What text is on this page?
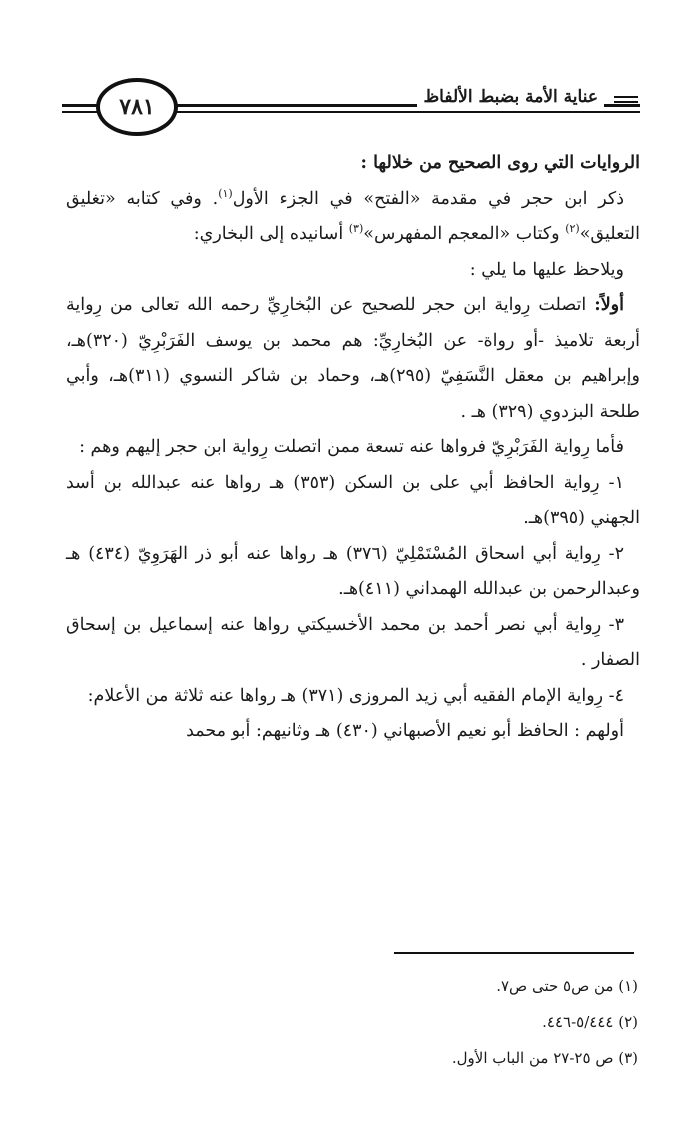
٧٨١	عناية الأمة بضبط الألفاظ

الروايات التي روى الصحيح من خلالها :

ذكر ابن حجر في مقدمة «الفتح» في الجزء الأول$^{(١)}$. وفي كتابه «تغليق التعليق»$^{(٢)}$ وكتاب «المعجم المفهرس»$^{(٣)}$ أسانيده إلى البخاري:

ويلاحظ عليها ما يلي :

أولاً: اتصلت رِواية ابن حجر للصحيح عن البُخارِيِّ رحمه الله تعالى من رِواية أربعة تلاميذ -أو رواة- عن البُخارِيِّ: هم محمد بن يوسف الفَرَبْرِيّ (٣٢٠)هـ، وإبراهيم بن معقل النَّسَفِيّ (٢٩٥)هـ، وحماد بن شاكر النسوي (٣١١)هـ، وأبي طلحة البزدوي (٣٢٩) هـ .

فأما رِواية الفَرَبْرِيّ فرواها عنه تسعة ممن اتصلت رِواية ابن حجر إليهم وهم :

١- رِواية الحافظ أبي على بن السكن (٣٥٣) هـ رواها عنه عبدالله بن أسد الجهني (٣٩٥)هـ.

٢- رِواية أبي اسحاق المُسْتَمْلِيّ (٣٧٦) هـ رواها عنه أبو ذر الهَرَوِيّ (٤٣٤) هـ وعبدالرحمن بن عبدالله الهمداني (٤١١)هـ.

٣- رِواية أبي نصر أحمد بن محمد الأخسيكتي رواها عنه إسماعيل بن إسحاق الصفار .

٤- رِواية الإمام الفقيه أبي زيد المروزى (٣٧١) هـ رواها عنه ثلاثة من الأعلام:

أولهم : الحافظ أبو نعيم الأصبهاني (٤٣٠) هـ وثانيهم: أبو محمد

(١) من ص٥ حتى ص٧.

(٢) ٥/٤٤٤-٤٤٦.

(٣) ص ٢٥-٢٧ من الباب الأول.
